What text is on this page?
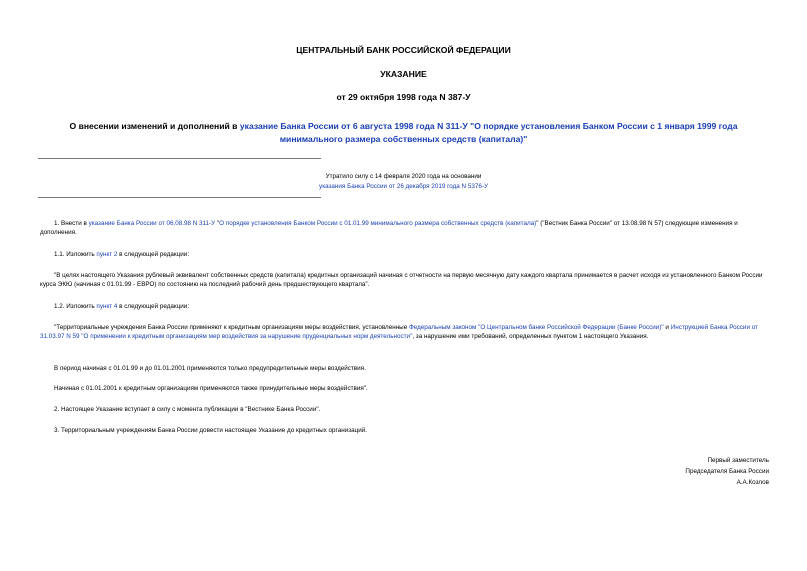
ЦЕНТРАЛЬНЫЙ БАНК РОССИЙСКОЙ ФЕДЕРАЦИИ
УКАЗАНИЕ
от 29 октября 1998 года N 387-У
О внесении изменений и дополнений в указание Банка России от 6 августа 1998 года N 311-У "О порядке установления Банком России с 1 января 1999 года минимального размера собственных средств (капитала)"
Утратило силу с 14 февраля 2020 года на основании
указания Банка России от 26 декабря 2019 года N 5376-У

1. Внести в указание Банка России от 06.08.98 N 311-У "О порядке установления Банком России с 01.01.99 минимального размера собственных средств (капитала)" ("Вестник Банка России" от 13.08.98 N 57) следующие изменения и дополнения.

1.1. Изложить пункт 2 в следующей редакции:

"В целях настоящего Указания рублевый эквивалент собственных средств (капитала) кредитных организаций начиная с отчетности на первую месячную дату каждого квартала принимается в расчет исходя из установленного Банком России курса ЭКЮ (начиная с 01.01.99 - ЕВРО) по состоянию на последний рабочий день предшествующего квартала".

1.2. Изложить пункт 4 в следующей редакции:

"Территориальные учреждения Банка России применяют к кредитным организациям меры воздействия, установленные Федеральным законом "О Центральном банке Российской Федерации (Банке России)" и Инструкцией Банка России от 31.03.97 N 59 "О применении к кредитным организациям мер воздействия за нарушение пруденциальных норм деятельности", за нарушение ими требований, определенных пунктом 1 настоящего Указания.

В период начиная с 01.01.99 и до 01.01.2001 применяются только предупредительные меры воздействия.

Начиная с 01.01.2001 к кредитным организациям применяются также принудительные меры воздействия".

2. Настоящее Указание вступает в силу с момента публикации в "Вестнике Банка России".

3. Территориальным учреждениям Банка России довести настоящее Указание до кредитных организаций.

Первый заместитель
Председателя Банка России
А.А.Козлов
